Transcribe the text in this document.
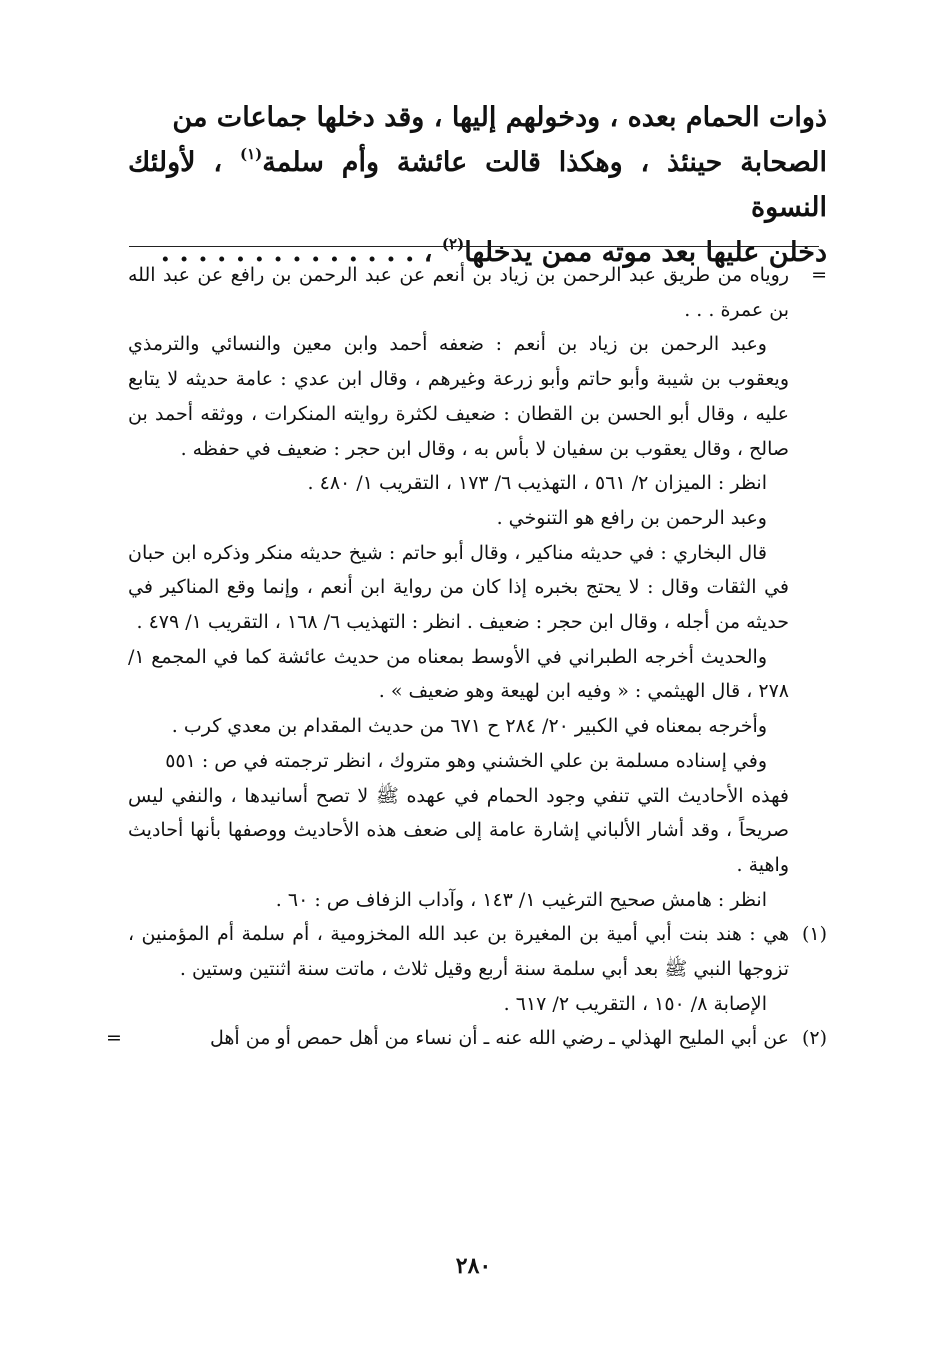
ذوات الحمام بعده ، ودخولهم إليها ، وقد دخلها جماعات من

الصحابة حينئذ ، وهكذا قالت عائشة وأم سلمة$^{(١)}$ ، لأولئك النسوة

دخلن عليها بعد موته ممن يدخلها$^{(٢)}$ ، . . . . . . . . . . . . . .

=

روياه من طريق عبد الرحمن بن زياد بن أنعم عن عبد الرحمن بن رافع عن عبد الله بن عمرة . . .

وعبد الرحمن بن زياد بن أنعم : ضعفه أحمد وابن معين والنسائي والترمذي ويعقوب بن شيبة وأبو حاتم وأبو زرعة وغيرهم ، وقال ابن عدي : عامة حديثه لا يتابع عليه ، وقال أبو الحسن بن القطان : ضعيف لكثرة روايته المنكرات ، ووثقه أحمد بن صالح ، وقال يعقوب بن سفيان لا بأس به ، وقال ابن حجر : ضعيف في حفظه .

انظر : الميزان ٢/ ٥٦١ ، التهذيب ٦/ ١٧٣ ، التقريب ١/ ٤٨٠ .

وعبد الرحمن بن رافع هو التنوخي .

قال البخاري : في حديثه مناكير ، وقال أبو حاتم : شيخ حديثه منكر وذكره ابن حبان في الثقات وقال : لا يحتج بخبره إذا كان من رواية ابن أنعم ، وإنما وقع المناكير في حديثه من أجله ، وقال ابن حجر : ضعيف . انظر : التهذيب ٦/ ١٦٨ ، التقريب ١/ ٤٧٩ .

والحديث أخرجه الطبراني في الأوسط بمعناه من حديث عائشة كما في المجمع ١/ ٢٧٨ ، قال الهيثمي : « وفيه ابن لهيعة وهو ضعيف » .

وأخرجه بمعناه في الكبير ٢٠/ ٢٨٤ ح ٦٧١ من حديث المقدام بن معدي كرب .

وفي إسناده مسلمة بن علي الخشني وهو متروك ، انظر ترجمته في ص : ٥٥١

فهذه الأحاديث التي تنفي وجود الحمام في عهده ﷺ لا تصح أسانيدها ، والنفي ليس صريحاً ، وقد أشار الألباني إشارة عامة إلى ضعف هذه الأحاديث ووصفها بأنها أحاديث واهية .

انظر : هامش صحيح الترغيب ١/ ١٤٣ ، وآداب الزفاف ص : ٦٠ .

(١)

هي : هند بنت أبي أمية بن المغيرة بن عبد الله المخزومية ، أم سلمة أم المؤمنين ، تزوجها النبي ﷺ بعد أبي سلمة سنة أربع وقيل ثلاث ، ماتت سنة اثنتين وستين .

الإصابة ٨/ ١٥٠ ، التقريب ٢/ ٦١٧ .

(٢)

عن أبي المليح الهذلي ـ رضي الله عنه ـ أن نساء من أهل حمص أو من أهل

=
٢٨٠
